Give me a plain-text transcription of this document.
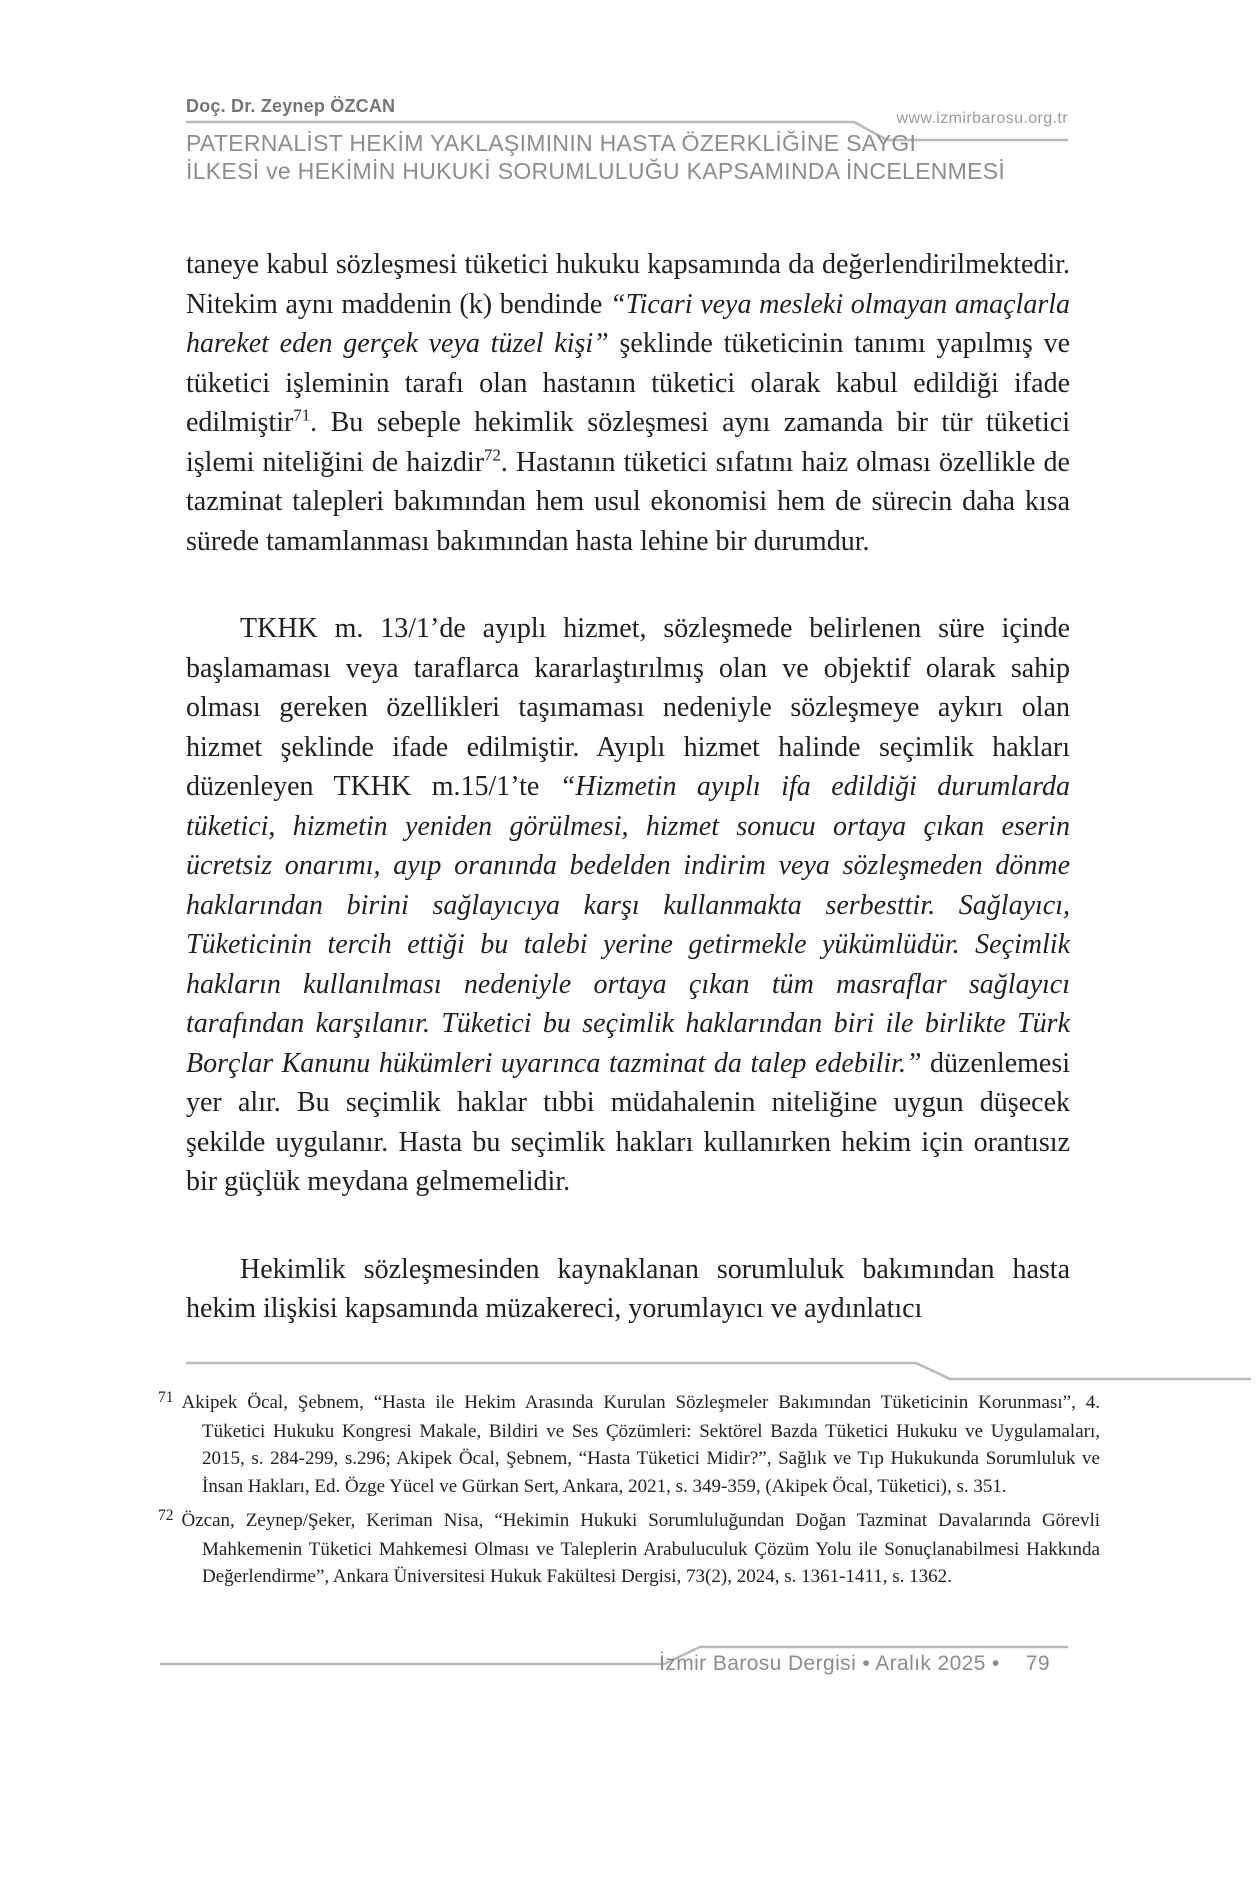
Doç. Dr. Zeynep ÖZCAN
www.izmirbarosu.org.tr
PATERNALİST HEKİM YAKLAŞIMININ HASTA ÖZERKLİĞİNE SAYGI
İLKESİ ve HEKİMİN HUKUKİ SORUMLULUĞU KAPSAMINDA İNCELENMESİ

taneye kabul sözleşmesi tüketici hukuku kapsamında da değerlendirilmektedir. Nitekim aynı maddenin (k) bendinde “Ticari veya mesleki olmayan amaçlarla hareket eden gerçek veya tüzel kişi” şeklinde tüketicinin tanımı yapılmış ve tüketici işleminin tarafı olan hastanın tüketici olarak kabul edildiği ifade edilmiştir$^{71}$. Bu sebeple hekimlik sözleşmesi aynı zamanda bir tür tüketici işlemi niteliğini de haizdir$^{72}$. Hastanın tüketici sıfatını haiz olması özellikle de tazminat talepleri bakımından hem usul ekonomisi hem de sürecin daha kısa sürede tamamlanması bakımından hasta lehine bir durumdur.

TKHK m. 13/1’de ayıplı hizmet, sözleşmede belirlenen süre içinde başlamaması veya taraflarca kararlaştırılmış olan ve objektif olarak sahip olması gereken özellikleri taşımaması nedeniyle sözleşmeye aykırı olan hizmet şeklinde ifade edilmiştir. Ayıplı hizmet halinde seçimlik hakları düzenleyen TKHK m.15/1’te “Hizmetin ayıplı ifa edildiği durumlarda tüketici, hizmetin yeniden görülmesi, hizmet sonucu ortaya çıkan eserin ücretsiz onarımı, ayıp oranında bedelden indirim veya sözleşmeden dönme haklarından birini sağlayıcıya karşı kullanmakta serbesttir. Sağlayıcı, Tüketicinin tercih ettiği bu talebi yerine getirmekle yükümlüdür. Seçimlik hakların kullanılması nedeniyle ortaya çıkan tüm masraflar sağlayıcı tarafından karşılanır. Tüketici bu seçimlik haklarından biri ile birlikte Türk Borçlar Kanunu hükümleri uyarınca tazminat da talep edebilir.” düzenlemesi yer alır. Bu seçimlik haklar tıbbi müdahalenin niteliğine uygun düşecek şekilde uygulanır. Hasta bu seçimlik hakları kullanırken hekim için orantısız bir güçlük meydana gelmemelidir.

Hekimlik sözleşmesinden kaynaklanan sorumluluk bakımından hasta hekim ilişkisi kapsamında müzakereci, yorumlayıcı ve aydınlatıcı

71 Akipek Öcal, Şebnem, “Hasta ile Hekim Arasında Kurulan Sözleşmeler Bakımından Tüketicinin Korunması”, 4. Tüketici Hukuku Kongresi Makale, Bildiri ve Ses Çözümleri: Sektörel Bazda Tüketici Hukuku ve Uygulamaları, 2015, s. 284-299, s.296; Akipek Öcal, Şebnem, “Hasta Tüketici Midir?”, Sağlık ve Tıp Hukukunda Sorumluluk ve İnsan Hakları, Ed. Özge Yücel ve Gürkan Sert, Ankara, 2021, s. 349-359, (Akipek Öcal, Tüketici), s. 351.
72 Özcan, Zeynep/Şeker, Keriman Nisa, “Hekimin Hukuki Sorumluluğundan Doğan Tazminat Davalarında Görevli Mahkemenin Tüketici Mahkemesi Olması ve Taleplerin Arabuluculuk Çözüm Yolu ile Sonuçlanabilmesi Hakkında Değerlendirme”, Ankara Üniversitesi Hukuk Fakültesi Dergisi, 73(2), 2024, s. 1361-1411, s. 1362.
İzmir Barosu Dergisi • Aralık 2025 • 79
